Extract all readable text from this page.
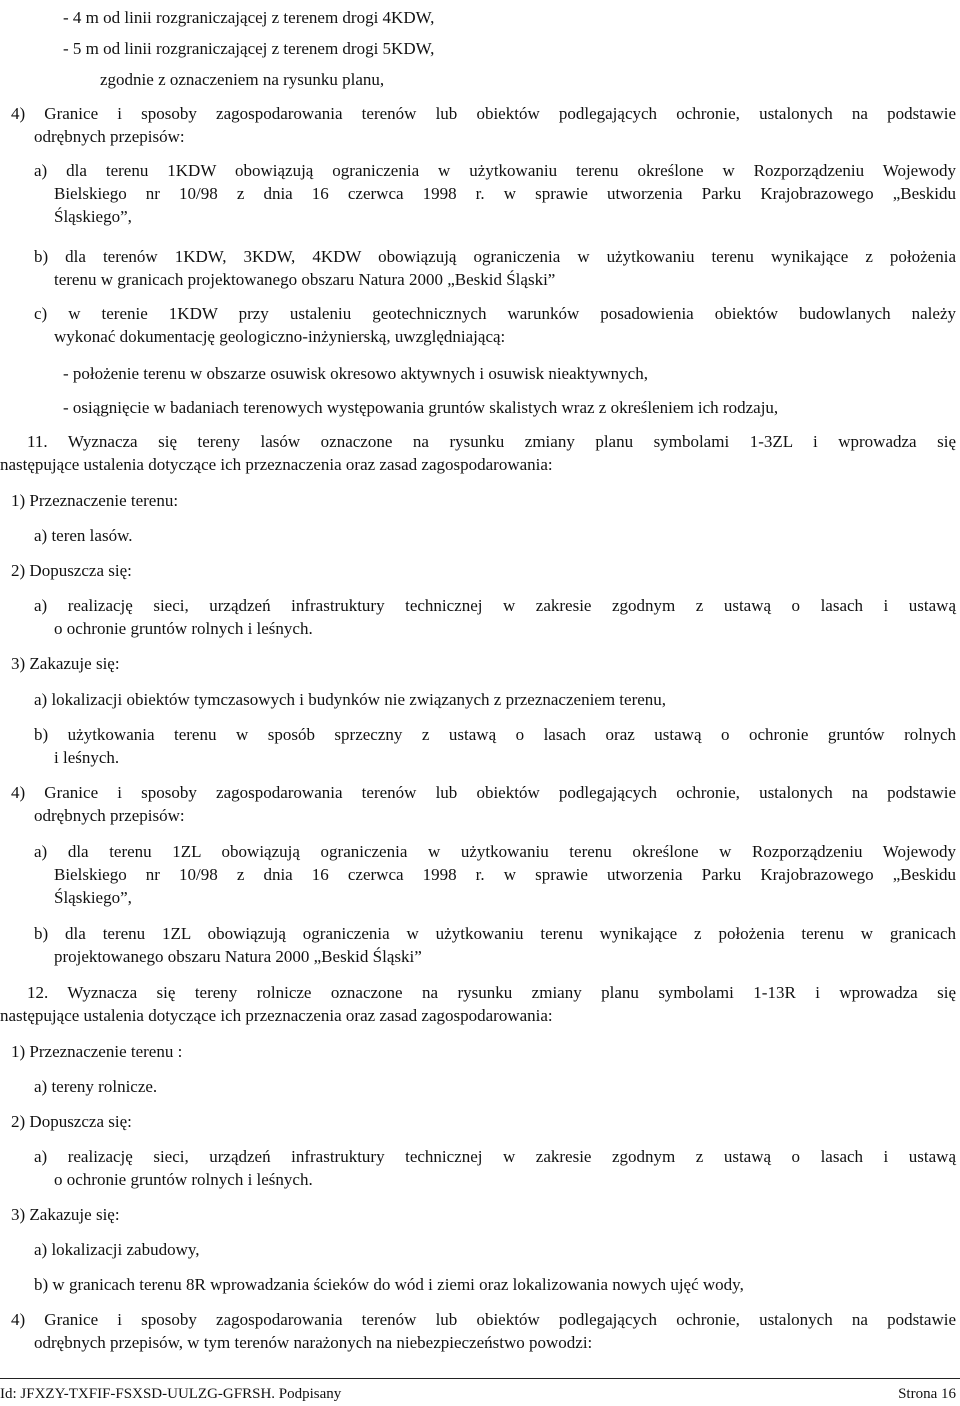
- 4 m od linii rozgraniczającej z terenem drogi 4KDW,
- 5 m od linii rozgraniczającej z terenem drogi 5KDW,
zgodnie z oznaczeniem na rysunku planu,
4) Granice i sposoby zagospodarowania terenów lub obiektów podlegających ochronie, ustalonych na podstawie
odrębnych przepisów:
a) dla terenu 1KDW obowiązują ograniczenia w użytkowaniu terenu określone w Rozporządzeniu Wojewody
Bielskiego nr 10/98 z dnia 16 czerwca 1998 r. w sprawie utworzenia Parku Krajobrazowego „Beskidu
Śląskiego”,
b) dla terenów 1KDW, 3KDW, 4KDW obowiązują ograniczenia w użytkowaniu terenu wynikające z położenia
terenu w granicach projektowanego obszaru Natura 2000 „Beskid Śląski”
c) w terenie 1KDW przy ustaleniu geotechnicznych warunków posadowienia obiektów budowlanych należy
wykonać dokumentację geologiczno-inżynierską, uwzględniającą:
- położenie terenu w obszarze osuwisk okresowo aktywnych i osuwisk nieaktywnych,
- osiągnięcie w badaniach terenowych występowania gruntów skalistych wraz z określeniem ich rodzaju,
11. Wyznacza się tereny lasów oznaczone na rysunku zmiany planu symbolami 1-3ZL i wprowadza się
następujące ustalenia dotyczące ich przeznaczenia oraz zasad zagospodarowania:
1) Przeznaczenie terenu:
a) teren lasów.
2) Dopuszcza się:
a) realizację sieci, urządzeń infrastruktury technicznej w zakresie zgodnym z ustawą o lasach i ustawą
o ochronie gruntów rolnych i leśnych.
3) Zakazuje się:
a) lokalizacji obiektów tymczasowych i budynków nie związanych z przeznaczeniem terenu,
b) użytkowania terenu w sposób sprzeczny z ustawą o lasach oraz ustawą o ochronie gruntów rolnych
i leśnych.
4) Granice i sposoby zagospodarowania terenów lub obiektów podlegających ochronie, ustalonych na podstawie
odrębnych przepisów:
a) dla terenu 1ZL obowiązują ograniczenia w użytkowaniu terenu określone w Rozporządzeniu Wojewody
Bielskiego nr 10/98 z dnia 16 czerwca 1998 r. w sprawie utworzenia Parku Krajobrazowego „Beskidu
Śląskiego”,
b) dla terenu 1ZL obowiązują ograniczenia w użytkowaniu terenu wynikające z położenia terenu w granicach
projektowanego obszaru Natura 2000 „Beskid Śląski”
12. Wyznacza się tereny rolnicze oznaczone na rysunku zmiany planu symbolami 1-13R i wprowadza się
następujące ustalenia dotyczące ich przeznaczenia oraz zasad zagospodarowania:
1) Przeznaczenie terenu :
a) tereny rolnicze.
2) Dopuszcza się:
a) realizację sieci, urządzeń infrastruktury technicznej w zakresie zgodnym z ustawą o lasach i ustawą
o ochronie gruntów rolnych i leśnych.
3) Zakazuje się:
a) lokalizacji zabudowy,
b) w granicach terenu 8R wprowadzania ścieków do wód i ziemi oraz lokalizowania nowych ujęć wody,
4) Granice i sposoby zagospodarowania terenów lub obiektów podlegających ochronie, ustalonych na podstawie
odrębnych przepisów, w tym terenów narażonych na niebezpieczeństwo powodzi:
Id: JFXZY-TXFIF-FSXSD-UULZG-GFRSH. Podpisany	Strona 16
